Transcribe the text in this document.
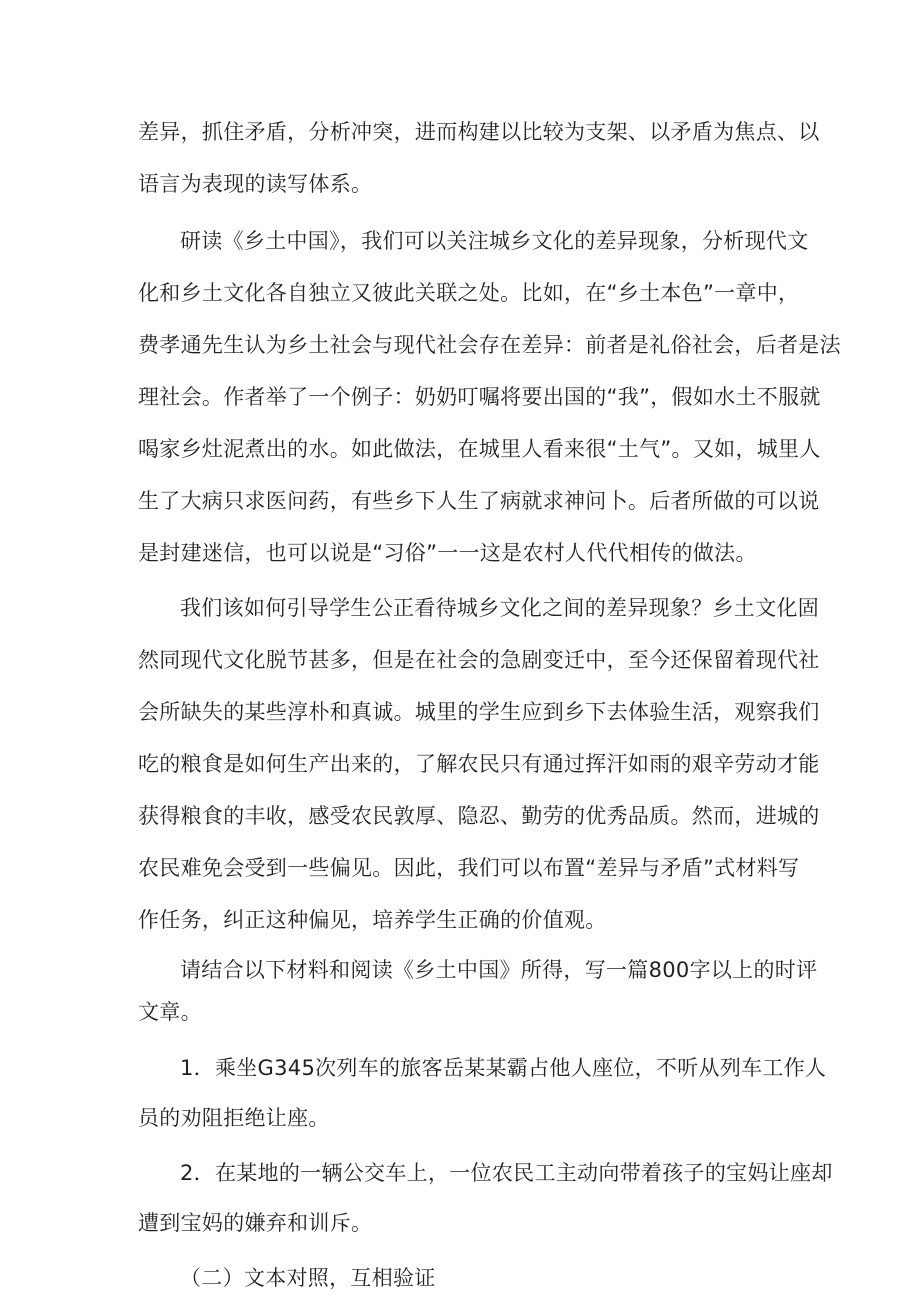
差异，抓住矛盾，分析冲突，进而构建以比较为支架、以矛盾为焦点、以
语言为表现的读写体系。
研读《乡土中国》，我们可以关注城乡文化的差异现象，分析现代文
化和乡土文化各自独立又彼此关联之处。比如，在“乡土本色”一章中，
费孝通先生认为乡土社会与现代社会存在差异：前者是礼俗社会，后者是法
理社会。作者举了一个例子：奶奶叮嘱将要出国的“我”，假如水土不服就
喝家乡灶泥煮出的水。如此做法，在城里人看来很“土气”。又如，城里人
生了大病只求医问药，有些乡下人生了病就求神问卜。后者所做的可以说
是封建迷信，也可以说是“习俗”一一这是农村人代代相传的做法。
我们该如何引导学生公正看待城乡文化之间的差异现象？乡土文化固
然同现代文化脱节甚多，但是在社会的急剧变迁中，至今还保留着现代社
会所缺失的某些淳朴和真诚。城里的学生应到乡下去体验生活，观察我们
吃的粮食是如何生产出来的，了解农民只有通过挥汗如雨的艰辛劳动才能
获得粮食的丰收，感受农民敦厚、隐忍、勤劳的优秀品质。然而，进城的
农民难免会受到一些偏见。因此，我们可以布置“差异与矛盾”式材料写
作任务，纠正这种偏见，培养学生正确的价值观。
请结合以下材料和阅读《乡土中国》所得，写一篇800字以上的时评
文章。
1．乘坐G345次列车的旅客岳某某霸占他人座位，不听从列车工作人
员的劝阻拒绝让座。
2．在某地的一辆公交车上，一位农民工主动向带着孩子的宝妈让座却
遭到宝妈的嫌弃和训斥。
（二）文本对照，互相验证
